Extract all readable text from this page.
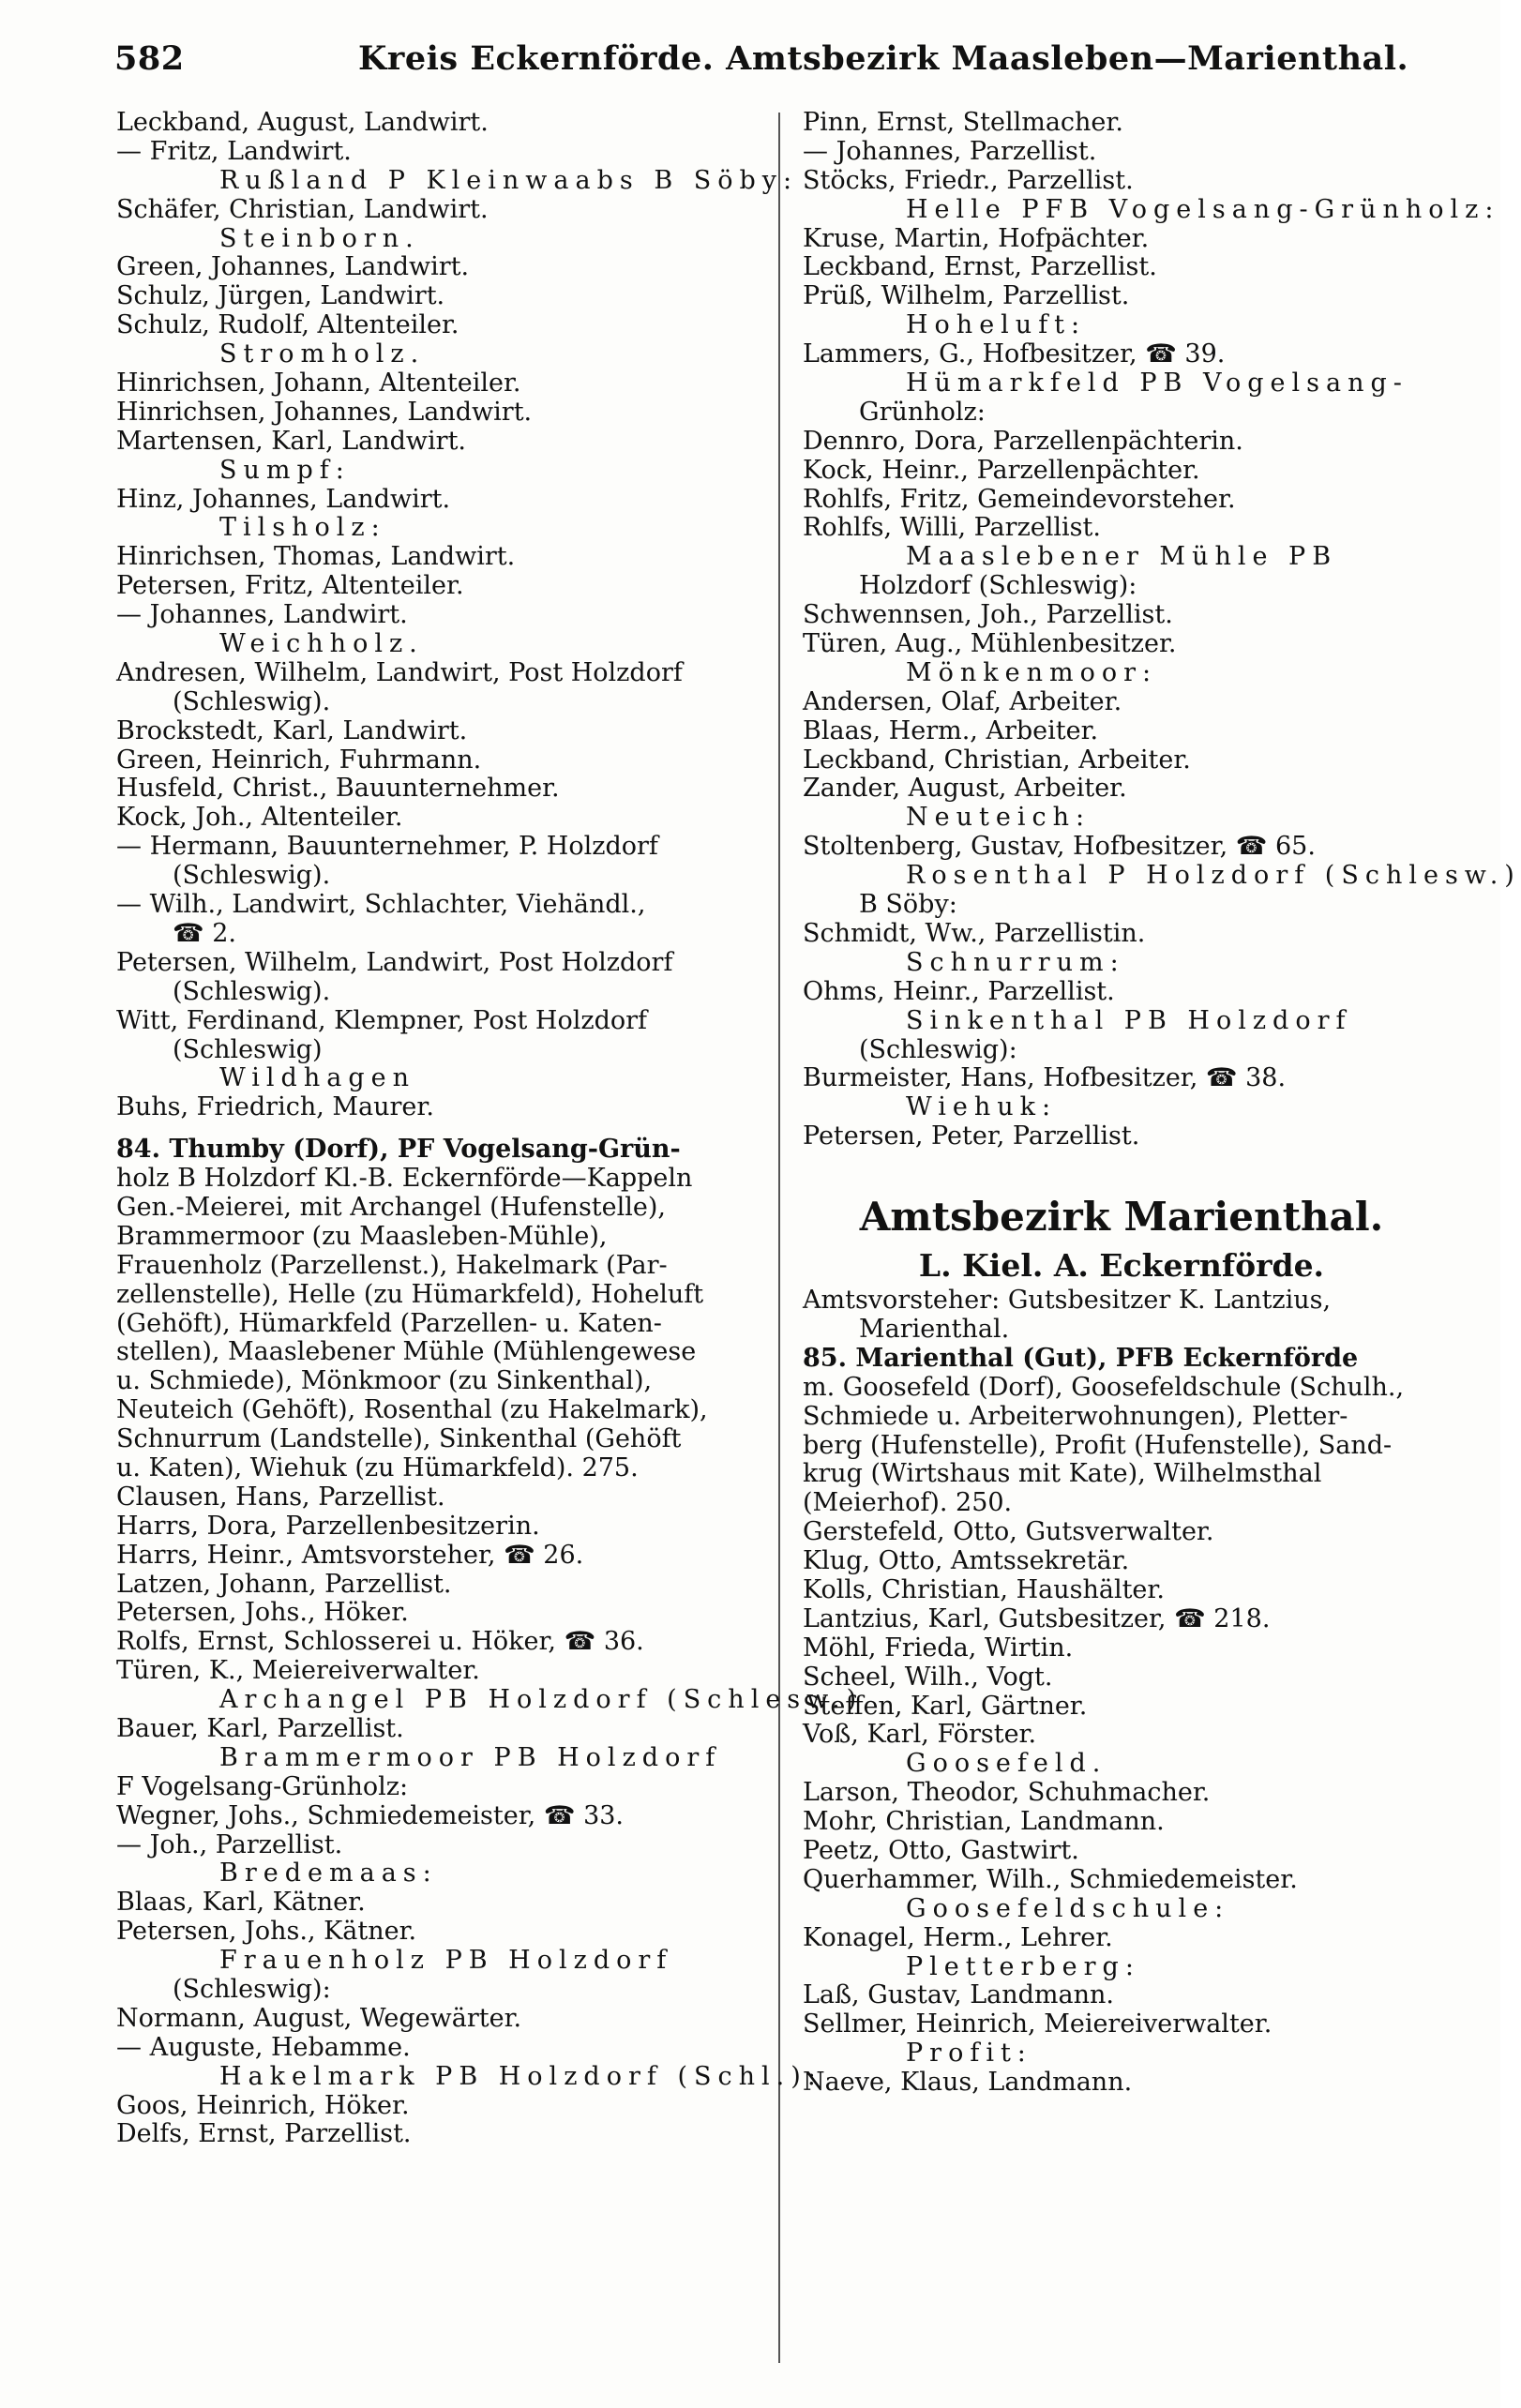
582	Kreis Eckernförde. Amtsbezirk Maasleben—Marienthal.
Leckband, August, Landwirt.
— Fritz, Landwirt.
Rußland P Kleinwaabs B Söby:
Schäfer, Christian, Landwirt.
Steinborn.
Green, Johannes, Landwirt.
Schulz, Jürgen, Landwirt.
Schulz, Rudolf, Altenteiler.
Stromholz.
Hinrichsen, Johann, Altenteiler.
Hinrichsen, Johannes, Landwirt.
Martensen, Karl, Landwirt.
Sumpf:
Hinz, Johannes, Landwirt.
Tilsholz:
Hinrichsen, Thomas, Landwirt.
Petersen, Fritz, Altenteiler.
— Johannes, Landwirt.
Weichholz.
Andresen, Wilhelm, Landwirt, Post Holzdorf
(Schleswig).
Brockstedt, Karl, Landwirt.
Green, Heinrich, Fuhrmann.
Husfeld, Christ., Bauunternehmer.
Kock, Joh., Altenteiler.
— Hermann, Bauunternehmer, P. Holzdorf
(Schleswig).
— Wilh., Landwirt, Schlachter, Viehändl.,
☎ 2.
Petersen, Wilhelm, Landwirt, Post Holzdorf
(Schleswig).
Witt, Ferdinand, Klempner, Post Holzdorf
(Schleswig)
Wildhagen
Buhs, Friedrich, Maurer.
84. Thumby (Dorf), PF Vogelsang-Grün-
holz B Holzdorf Kl.-B. Eckernförde—Kappeln
Gen.-Meierei, mit Archangel (Hufenstelle),
Brammermoor (zu Maasleben-Mühle),
Frauenholz (Parzellenst.), Hakelmark (Par-
zellenstelle), Helle (zu Hümarkfeld), Hoheluft
(Gehöft), Hümarkfeld (Parzellen- u. Katen-
stellen), Maaslebener Mühle (Mühlengewese
u. Schmiede), Mönkmoor (zu Sinkenthal),
Neuteich (Gehöft), Rosenthal (zu Hakelmark),
Schnurrum (Landstelle), Sinkenthal (Gehöft
u. Katen), Wiehuk (zu Hümarkfeld). 275.
Clausen, Hans, Parzellist.
Harrs, Dora, Parzellenbesitzerin.
Harrs, Heinr., Amtsvorsteher, ☎ 26.
Latzen, Johann, Parzellist.
Petersen, Johs., Höker.
Rolfs, Ernst, Schlosserei u. Höker, ☎ 36.
Türen, K., Meiereiverwalter.
Archangel PB Holzdorf (Schlesw.)
Bauer, Karl, Parzellist.
Brammermoor PB Holzdorf
F Vogelsang-Grünholz:
Wegner, Johs., Schmiedemeister, ☎ 33.
— Joh., Parzellist.
Bredemaas:
Blaas, Karl, Kätner.
Petersen, Johs., Kätner.
Frauenholz PB Holzdorf
(Schleswig):
Normann, August, Wegewärter.
— Auguste, Hebamme.
Hakelmark PB Holzdorf (Schl.):
Goos, Heinrich, Höker.
Delfs, Ernst, Parzellist.
Pinn, Ernst, Stellmacher.
— Johannes, Parzellist.
Stöcks, Friedr., Parzellist.
Helle PFB Vogelsang-Grünholz:
Kruse, Martin, Hofpächter.
Leckband, Ernst, Parzellist.
Prüß, Wilhelm, Parzellist.
Hoheluft:
Lammers, G., Hofbesitzer, ☎ 39.
Hümarkfeld PB Vogelsang-
Grünholz:
Dennro, Dora, Parzellenpächterin.
Kock, Heinr., Parzellenpächter.
Rohlfs, Fritz, Gemeindevorsteher.
Rohlfs, Willi, Parzellist.
Maaslebener Mühle PB
Holzdorf (Schleswig):
Schwennsen, Joh., Parzellist.
Türen, Aug., Mühlenbesitzer.
Mönkenmoor:
Andersen, Olaf, Arbeiter.
Blaas, Herm., Arbeiter.
Leckband, Christian, Arbeiter.
Zander, August, Arbeiter.
Neuteich:
Stoltenberg, Gustav, Hofbesitzer, ☎ 65.
Rosenthal P Holzdorf (Schlesw.)
B Söby:
Schmidt, Ww., Parzellistin.
Schnurrum:
Ohms, Heinr., Parzellist.
Sinkenthal PB Holzdorf
(Schleswig):
Burmeister, Hans, Hofbesitzer, ☎ 38.
Wiehuk:
Petersen, Peter, Parzellist.
Amtsbezirk Marienthal.
L. Kiel. A. Eckernförde.
Amtsvorsteher: Gutsbesitzer K. Lantzius,
Marienthal.
85. Marienthal (Gut), PFB Eckernförde
m. Goosefeld (Dorf), Goosefeldschule (Schulh.,
Schmiede u. Arbeiterwohnungen), Pletter-
berg (Hufenstelle), Profit (Hufenstelle), Sand-
krug (Wirtshaus mit Kate), Wilhelmsthal
(Meierhof). 250.
Gerstefeld, Otto, Gutsverwalter.
Klug, Otto, Amtssekretär.
Kolls, Christian, Haushälter.
Lantzius, Karl, Gutsbesitzer, ☎ 218.
Möhl, Frieda, Wirtin.
Scheel, Wilh., Vogt.
Steffen, Karl, Gärtner.
Voß, Karl, Förster.
Goosefeld.
Larson, Theodor, Schuhmacher.
Mohr, Christian, Landmann.
Peetz, Otto, Gastwirt.
Querhammer, Wilh., Schmiedemeister.
Goosefeldschule:
Konagel, Herm., Lehrer.
Pletterberg:
Laß, Gustav, Landmann.
Sellmer, Heinrich, Meiereiverwalter.
Profit:
Naeve, Klaus, Landmann.
